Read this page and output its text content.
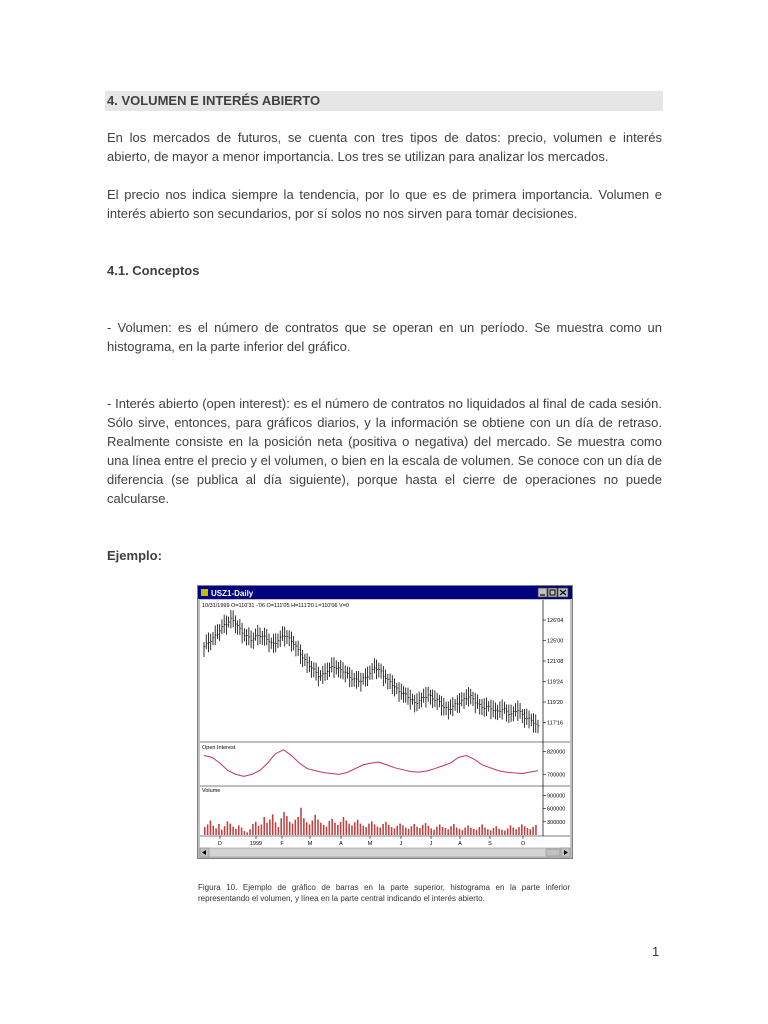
4. VOLUMEN E INTERÉS ABIERTO

En los mercados de futuros, se cuenta con tres tipos de datos: precio, volumen e interés abierto, de mayor a menor importancia. Los tres se utilizan para analizar los mercados.

El precio nos indica siempre la tendencia, por lo que es de primera importancia. Volumen e interés abierto son secundarios, por sí solos no nos sirven para tomar decisiones.

4.1. Conceptos

- Volumen: es el número de contratos que se operan en un período. Se muestra como un histograma, en la parte inferior del gráfico.

- Interés abierto (open interest): es el número de contratos no liquidados al final de cada sesión. Sólo sirve, entonces, para gráficos diarios, y la información se obtiene con un día de retraso. Realmente consiste en la posición neta (positiva o negativa) del mercado. Se muestra como una línea entre el precio y el volumen, o bien en la escala de volumen. Se conoce con un día de diferencia (se publica al día siguiente), porque hasta el cierre de operaciones no puede calcularse.

Ejemplo:
USZ1-Daily
10/31/1999 O=110'31 -'06 O=111'05 H=111'20 L=110'06 V=0
Open Interest
Volume
126'04
125'00
121'08
119'24
119'20
117'16
820000
700000
900000
600000
300000
D	1999	F	M	A	M	J	J	A	S	O
Figura 10. Ejemplo de gráfico de barras en la parte superior, histograma en la parte inferior representando el volumen, y línea en la parte central indicando el interés abierto.
1
